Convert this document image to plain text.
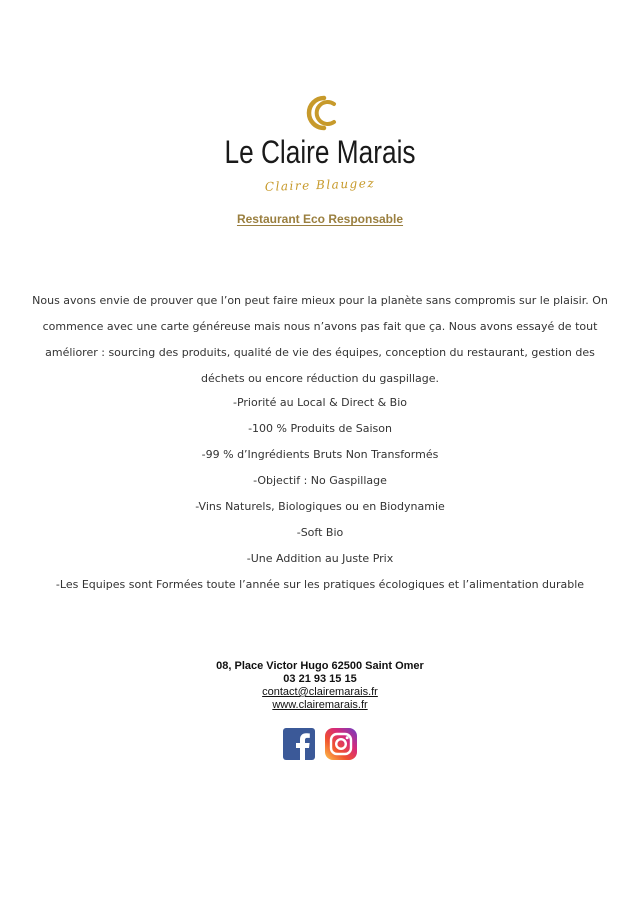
Le Claire Marais
Claire Blaugez
Restaurant Eco Responsable
Nous avons envie de prouver que l’on peut faire mieux pour la planète sans compromis sur le plaisir. On commence avec une carte généreuse mais nous n’avons pas fait que ça. Nous avons essayé de tout améliorer : sourcing des produits, qualité de vie des équipes, conception du restaurant, gestion des déchets ou encore réduction du gaspillage.
-Priorité au Local & Direct & Bio
-100 % Produits de Saison
-99 % d’Ingrédients Bruts Non Transformés
-Objectif : No Gaspillage
-Vins Naturels, Biologiques ou en Biodynamie
-Soft Bio
-Une Addition au Juste Prix
-Les Equipes sont Formées toute l’année sur les pratiques écologiques et l’alimentation durable
08, Place Victor Hugo 62500 Saint Omer
03 21 93 15 15
contact@clairemarais.fr
www.clairemarais.fr
